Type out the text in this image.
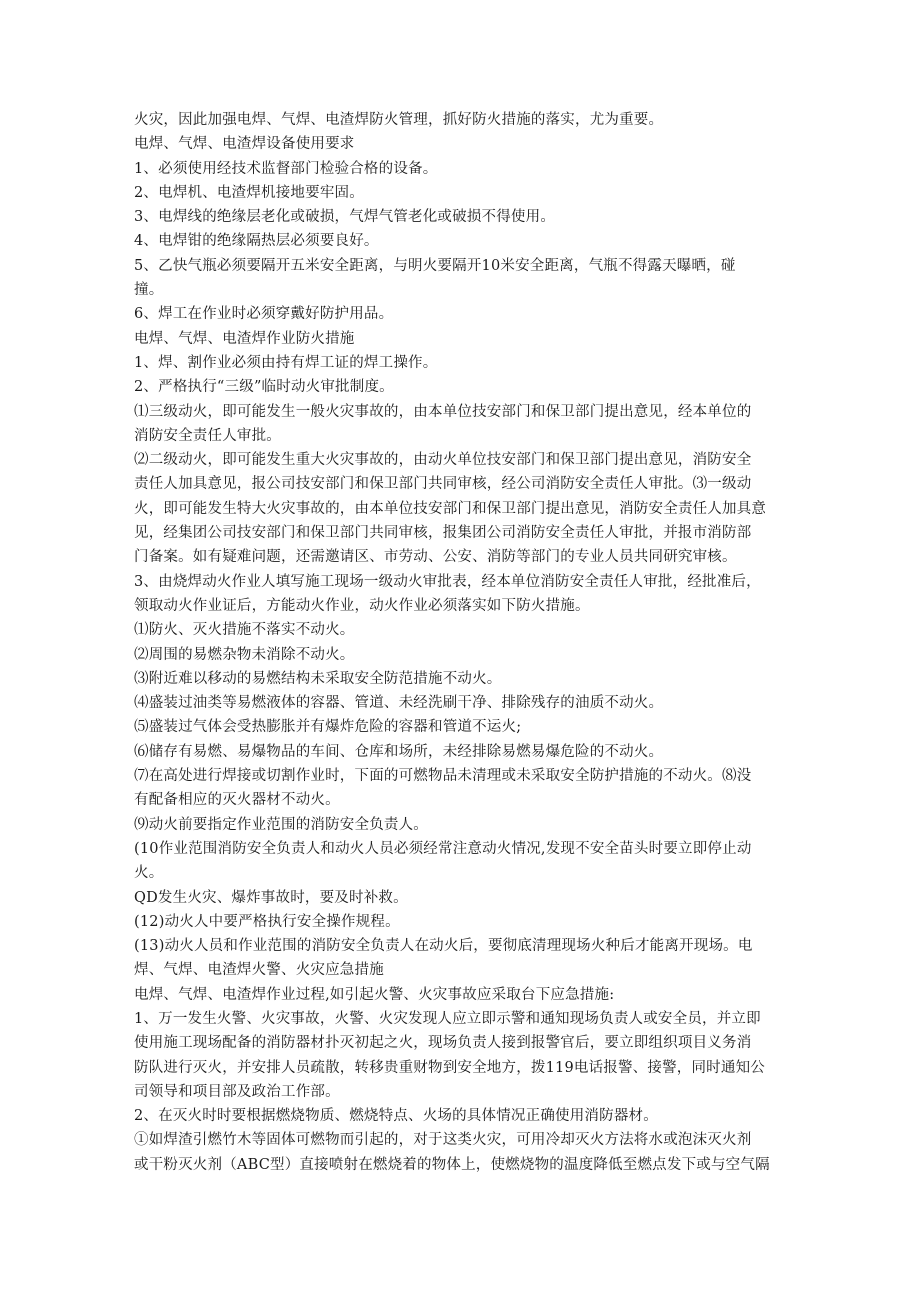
火灾，因此加强电焊、气焊、电渣焊防火管理，抓好防火措施的落实，尤为重要。

电焊、气焊、电渣焊设备使用要求

1、必须使用经技术监督部门检验合格的设备。

2、电焊机、电渣焊机接地要牢固。

3、电焊线的绝缘层老化或破损，气焊气管老化或破损不得使用。

4、电焊钳的绝缘隔热层必须要良好。

5、乙快气瓶必须要隔开五米安全距离，与明火要隔开10米安全距离，气瓶不得露天曝晒，碰

撞。

6、焊工在作业时必须穿戴好防护用品。

电焊、气焊、电渣焊作业防火措施

1、焊、割作业必须由持有焊工证的焊工操作。

2、严格执行“三级”临时动火审批制度。

⑴三级动火，即可能发生一般火灾事故的，由本单位技安部门和保卫部门提出意见，经本单位的

消防安全责任人审批。

⑵二级动火，即可能发生重大火灾事故的，由动火单位技安部门和保卫部门提出意见，消防安全

责任人加具意见，报公司技安部门和保卫部门共同审核，经公司消防安全责任人审批。⑶一级动

火，即可能发生特大火灾事故的，由本单位技安部门和保卫部门提出意见，消防安全责任人加具意

见，经集团公司技安部门和保卫部门共同审核，报集团公司消防安全责任人审批，并报市消防部

门备案。如有疑难问题，还需邀请区、市劳动、公安、消防等部门的专业人员共同研究审核。

3、由烧焊动火作业人填写施工现场一级动火审批表，经本单位消防安全责任人审批，经批准后，

领取动火作业证后，方能动火作业，动火作业必须落实如下防火措施。

⑴防火、灭火措施不落实不动火。

⑵周围的易燃杂物未消除不动火。

⑶附近难以移动的易燃结构未采取安全防范措施不动火。

⑷盛装过油类等易燃液体的容器、管道、未经洗刷干净、排除残存的油质不动火。

⑸盛装过气体会受热膨胀并有爆炸危险的容器和管道不运火;

⑹储存有易燃、易爆物品的车间、仓库和场所，未经排除易燃易爆危险的不动火。

⑺在高处进行焊接或切割作业时，下面的可燃物品未清理或未采取安全防护措施的不动火。⑻没

有配备相应的灭火器材不动火。

⑼动火前要指定作业范围的消防安全负责人。

(10作业范围消防安全负责人和动火人员必须经常注意动火情况,发现不安全苗头时要立即停止动

火。

QD发生火灾、爆炸事故时，要及时补救。

(12)动火人中要严格执行安全操作规程。

(13)动火人员和作业范围的消防安全负责人在动火后，要彻底清理现场火种后才能离开现场。电

焊、气焊、电渣焊火警、火灾应急措施

电焊、气焊、电渣焊作业过程,如引起火警、火灾事故应采取台下应急措施:

1、万一发生火警、火灾事故，火警、火灾发现人应立即示警和通知现场负责人或安全员，并立即

使用施工现场配备的消防器材扑灭初起之火，现场负责人接到报警官后，要立即组织项目义务消

防队进行灭火，并安排人员疏散，转移贵重财物到安全地方，拨119电话报警、接警，同时通知公

司领导和项目部及政治工作部。

2、在灭火时时要根据燃烧物质、燃烧特点、火场的具体情况正确使用消防器材。

①如焊渣引燃竹木等固体可燃物而引起的，对于这类火灾，可用冷却灭火方法将水或泡沫灭火剂

或干粉灭火剂（ABC型）直接喷射在燃烧着的物体上，使燃烧物的温度降低至燃点发下或与空气隔
